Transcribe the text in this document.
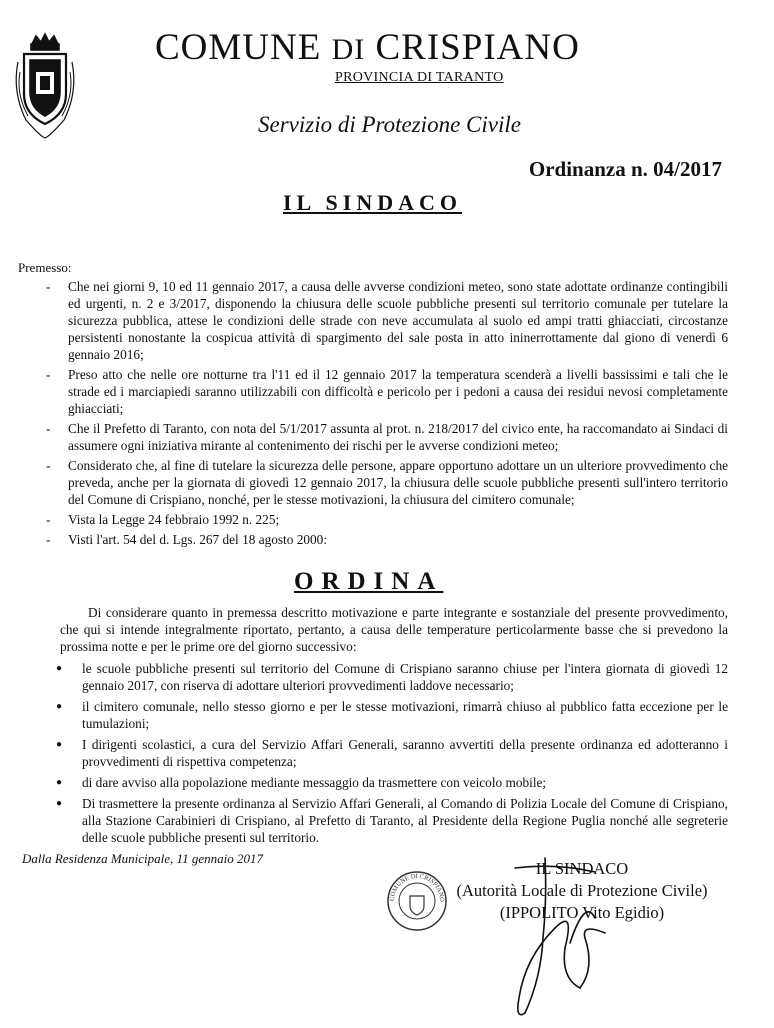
COMUNE DI CRISPIANO
PROVINCIA DI TARANTO
Servizio di Protezione Civile
Ordinanza n. 04/2017
IL SINDACO
Premesso:
- Che nei giorni 9, 10 ed 11 gennaio 2017, a causa delle avverse condizioni meteo, sono state adottate ordinanze contingibili ed urgenti, n. 2 e 3/2017, disponendo la chiusura delle scuole pubbliche presenti sul territorio comunale per tutelare la sicurezza pubblica, attese le condizioni delle strade con neve accumulata al suolo ed ampi tratti ghiacciati, circostanze persistenti nonostante la cospicua attività di spargimento del sale posta in atto ininerrottamente dal giono di venerdì 6 gennaio 2016;
- Preso atto che nelle ore notturne tra l'11 ed il 12 gennaio 2017 la temperatura scenderà a livelli bassissimi e tali che le strade ed i marciapiedi saranno utilizzabili con difficoltà e pericolo per i pedoni a causa dei residui nevosi completamente ghiacciati;
- Che il Prefetto di Taranto, con nota del 5/1/2017 assunta al prot. n. 218/2017 del civico ente, ha raccomandato ai Sindaci di assumere ogni iniziativa mirante al contenimento dei rischi per le avverse condizioni meteo;
- Considerato che, al fine di tutelare la sicurezza delle persone, appare opportuno adottare un un ulteriore provvedimento che preveda, anche per la giornata di giovedì 12 gennaio 2017, la chiusura delle scuole pubbliche presenti sull'intero territorio del Comune di Crispiano, nonché, per le stesse motivazioni, la chiusura del cimitero comunale;
- Vista la Legge 24 febbraio 1992 n. 225;
- Visti l'art. 54 del d. Lgs. 267 del 18 agosto 2000:
ORDINA
Di considerare quanto in premessa descritto motivazione e parte integrante e sostanziale del presente provvedimento, che qui si intende integralmente riportato, pertanto, a causa delle temperature perticolarmente basse che si prevedono la prossima notte e per le prime ore del giorno successivo:
● le scuole pubbliche presenti sul territorio del Comune di Crispiano saranno chiuse per l'intera giornata di giovedì 12 gennaio 2017, con riserva di adottare ulteriori provvedimenti laddove necessario;
● il cimitero comunale, nello stesso giorno e per le stesse motivazioni, rimarrà chiuso al pubblico fatta eccezione per le tumulazioni;
● I dirigenti scolastici, a cura del Servizio Affari Generali, saranno avvertiti della presente ordinanza ed adotteranno i provvedimenti di rispettiva competenza;
● di dare avviso alla popolazione mediante messaggio da trasmettere con veicolo mobile;
● Di trasmettere la presente ordinanza al Servizio Affari Generali, al Comando di Polizia Locale del Comune di Crispiano, alla Stazione Carabinieri di Crispiano, al Prefetto di Taranto, al Presidente della Regione Puglia nonché alle segreterie delle scuole pubbliche presenti sul territorio.
Dalla Residenza Municipale, 11 gennaio 2017
COMUNE DI CRISPIANO
IL SINDACO
(Autorità Locale di Protezione Civile)
(IPPOLITO Vito Egidio)
